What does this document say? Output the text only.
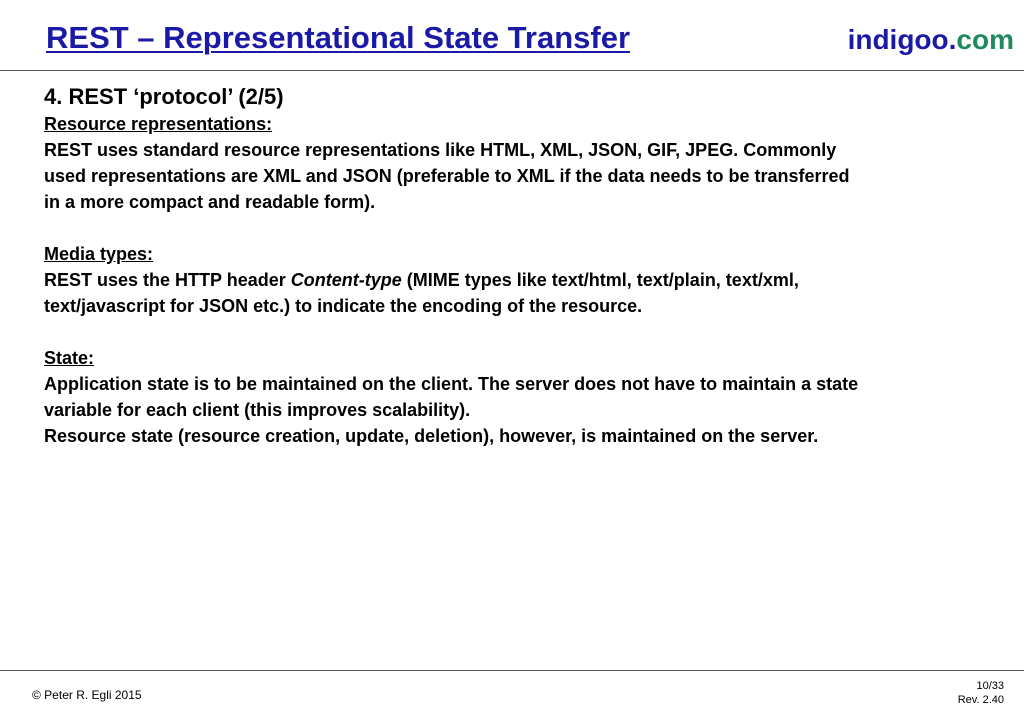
REST – Representational State Transfer	indigoo.com

4. REST ‘protocol’ (2/5)

Resource representations:
REST uses standard resource representations like HTML, XML, JSON, GIF, JPEG. Commonly
used representations are XML and JSON (preferable to XML if the data needs to be transferred
in a more compact and readable form).
Media types:
REST uses the HTTP header Content-type (MIME types like text/html, text/plain, text/xml,
text/javascript for JSON etc.) to indicate the encoding of the resource.
State:
Application state is to be maintained on the client. The server does not have to maintain a state
variable for each client (this improves scalability).
Resource state (resource creation, update, deletion), however, is maintained on the server.
© Peter R. Egli 2015
10/33
Rev. 2.40
